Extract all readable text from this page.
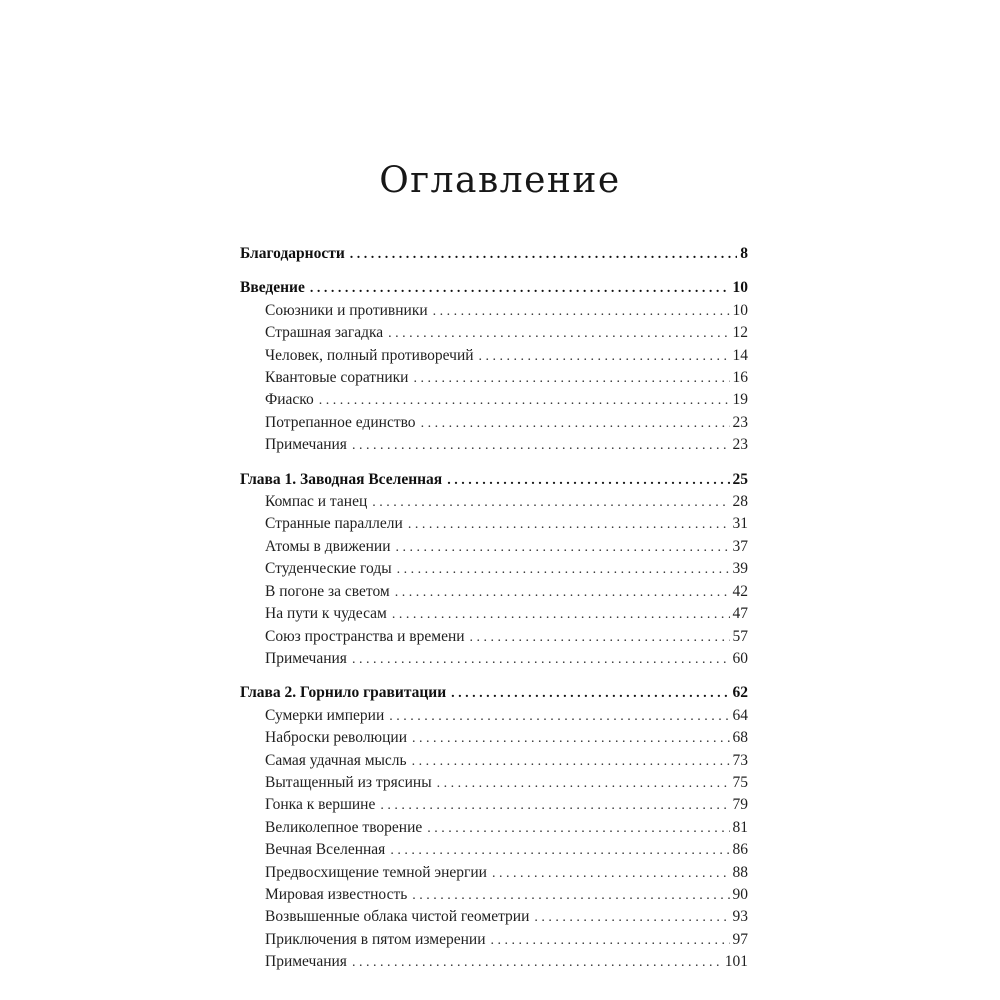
Оглавление
Благодарности .....	8
Введение .....	10
Союзники и противники .....	10
Страшная загадка .....	12
Человек, полный противоречий .....	14
Квантовые соратники .....	16
Фиаско .....	19
Потрепанное единство .....	23
Примечания .....	23
Глава 1. Заводная Вселенная .....	25
Компас и танец .....	28
Странные параллели .....	31
Атомы в движении .....	37
Студенческие годы .....	39
В погоне за светом .....	42
На пути к чудесам .....	47
Союз пространства и времени .....	57
Примечания .....	60
Глава 2. Горнило гравитации .....	62
Сумерки империи .....	64
Наброски революции .....	68
Самая удачная мысль .....	73
Вытащенный из трясины .....	75
Гонка к вершине .....	79
Великолепное творение .....	81
Вечная Вселенная .....	86
Предвосхищение темной энергии .....	88
Мировая известность .....	90
Возвышенные облака чистой геометрии .....	93
Приключения в пятом измерении .....	97
Примечания .....	101
